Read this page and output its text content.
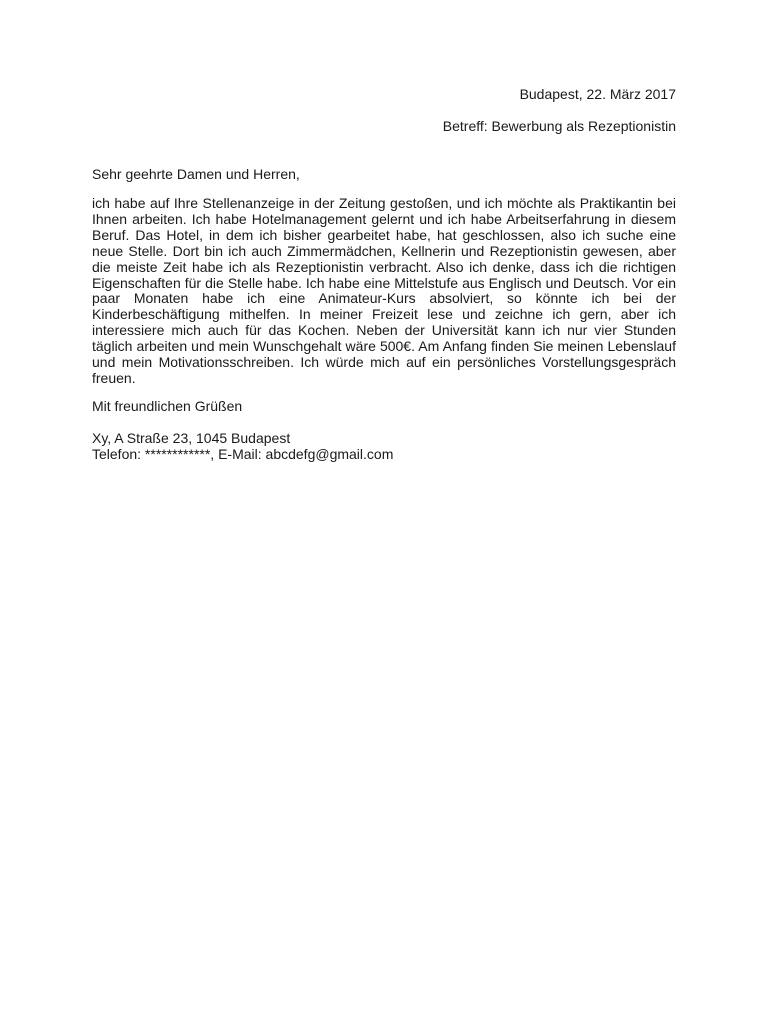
Budapest, 22. März 2017
Betreff: Bewerbung als Rezeptionistin
Sehr geehrte Damen und Herren,

ich habe auf Ihre Stellenanzeige in der Zeitung gestoßen, und ich möchte als Praktikantin bei Ihnen arbeiten. Ich habe Hotelmanagement gelernt und ich habe Arbeitserfahrung in diesem Beruf. Das Hotel, in dem ich bisher gearbeitet habe, hat geschlossen, also ich suche eine neue Stelle. Dort bin ich auch Zimmermädchen, Kellnerin und Rezeptionistin gewesen, aber die meiste Zeit habe ich als Rezeptionistin verbracht. Also ich denke, dass ich die richtigen Eigenschaften für die Stelle habe. Ich habe eine Mittelstufe aus Englisch und Deutsch. Vor ein paar Monaten habe ich eine Animateur-Kurs absolviert, so könnte ich bei der Kinderbeschäftigung mithelfen. In meiner Freizeit lese und zeichne ich gern, aber ich interessiere mich auch für das Kochen. Neben der Universität kann ich nur vier Stunden täglich arbeiten und mein Wunschgehalt wäre 500€. Am Anfang finden Sie meinen Lebenslauf und mein Motivationsschreiben. Ich würde mich auf ein persönliches Vorstellungsgespräch freuen.

Mit freundlichen Grüßen
Xy, A Straße 23, 1045 Budapest
Telefon: ************, E-Mail: abcdefg@gmail.com
